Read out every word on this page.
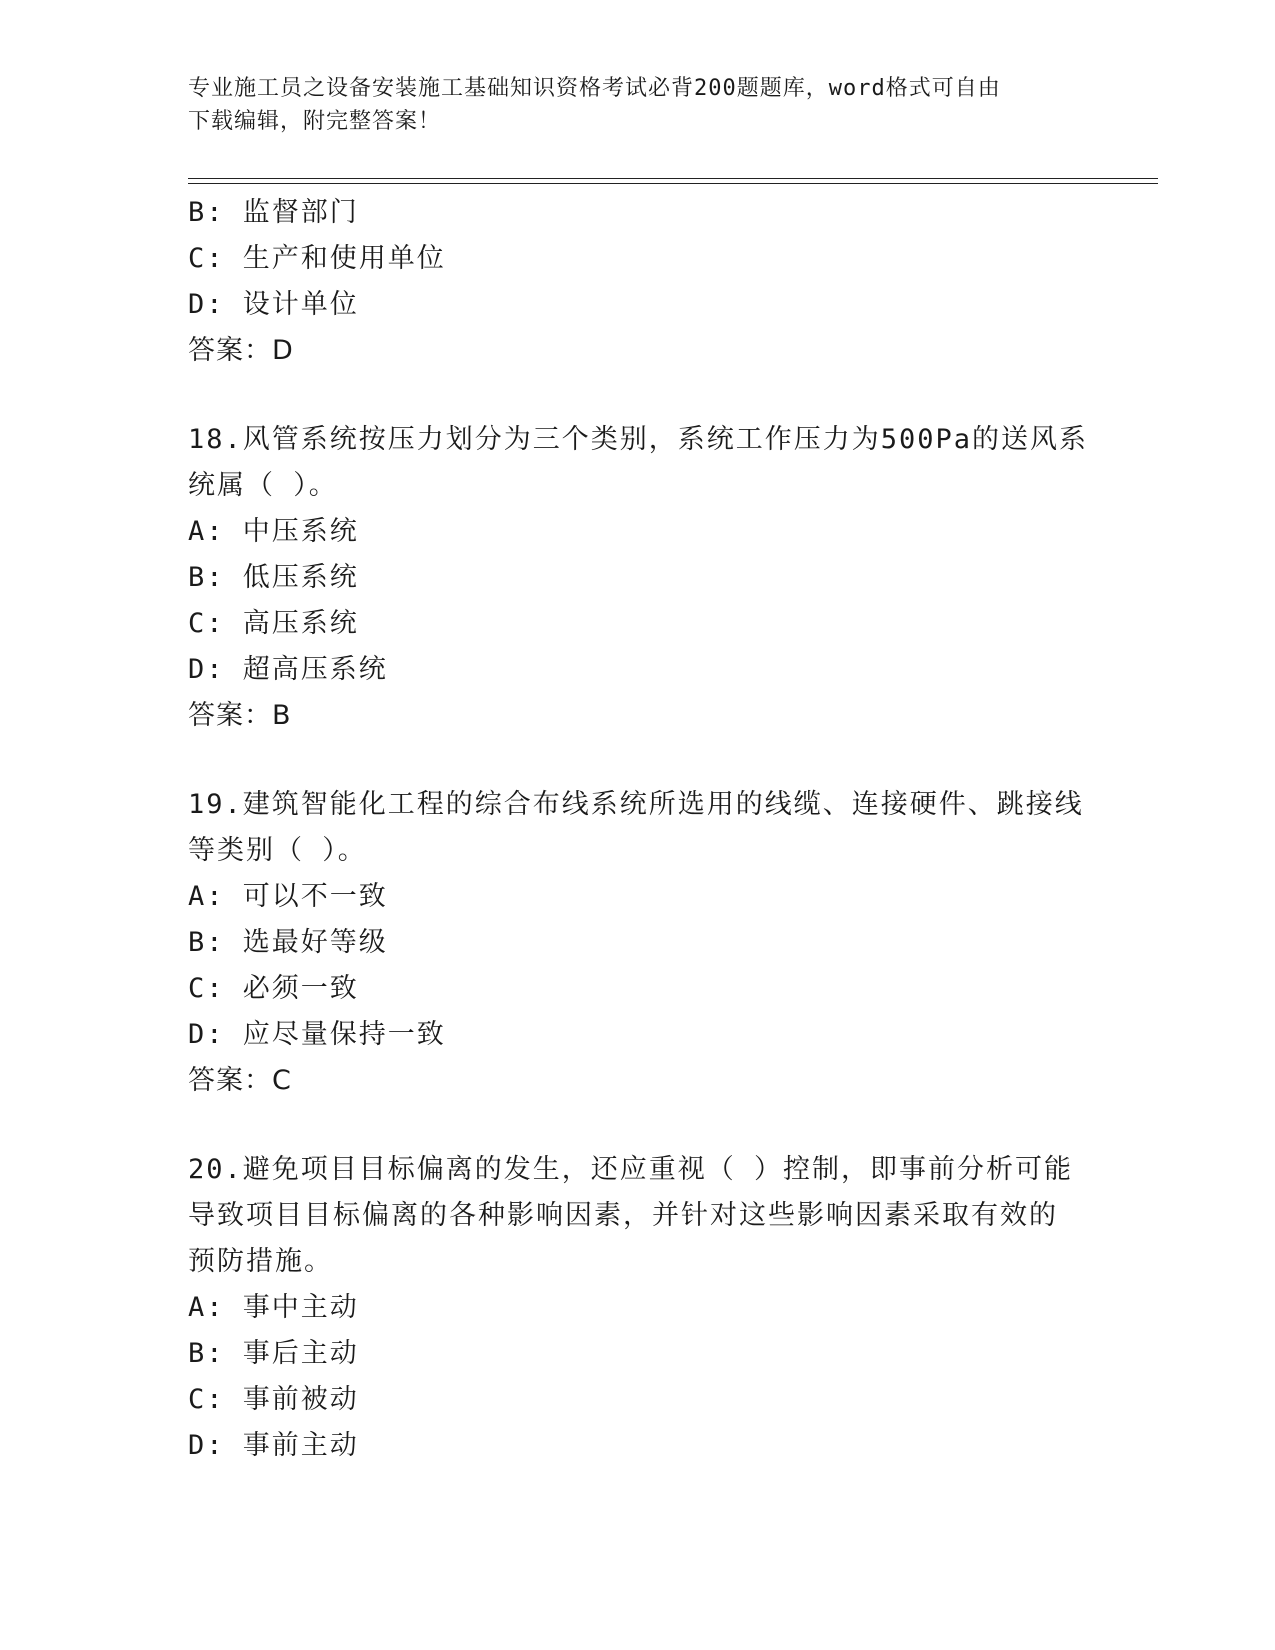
专业施工员之设备安装施工基础知识资格考试必背200题题库，word格式可自由
下载编辑，附完整答案！
B: 监督部门
C: 生产和使用单位
D: 设计单位
答案：D
18.风管系统按压力划分为三个类别，系统工作压力为500Pa的送风系
统属（ ）。
A: 中压系统
B: 低压系统
C: 高压系统
D: 超高压系统
答案：B
19.建筑智能化工程的综合布线系统所选用的线缆、连接硬件、跳接线
等类别（ ）。
A: 可以不一致
B: 选最好等级
C: 必须一致
D: 应尽量保持一致
答案：C
20.避免项目目标偏离的发生，还应重视（ ）控制，即事前分析可能
导致项目目标偏离的各种影响因素，并针对这些影响因素采取有效的
预防措施。
A: 事中主动
B: 事后主动
C: 事前被动
D: 事前主动
